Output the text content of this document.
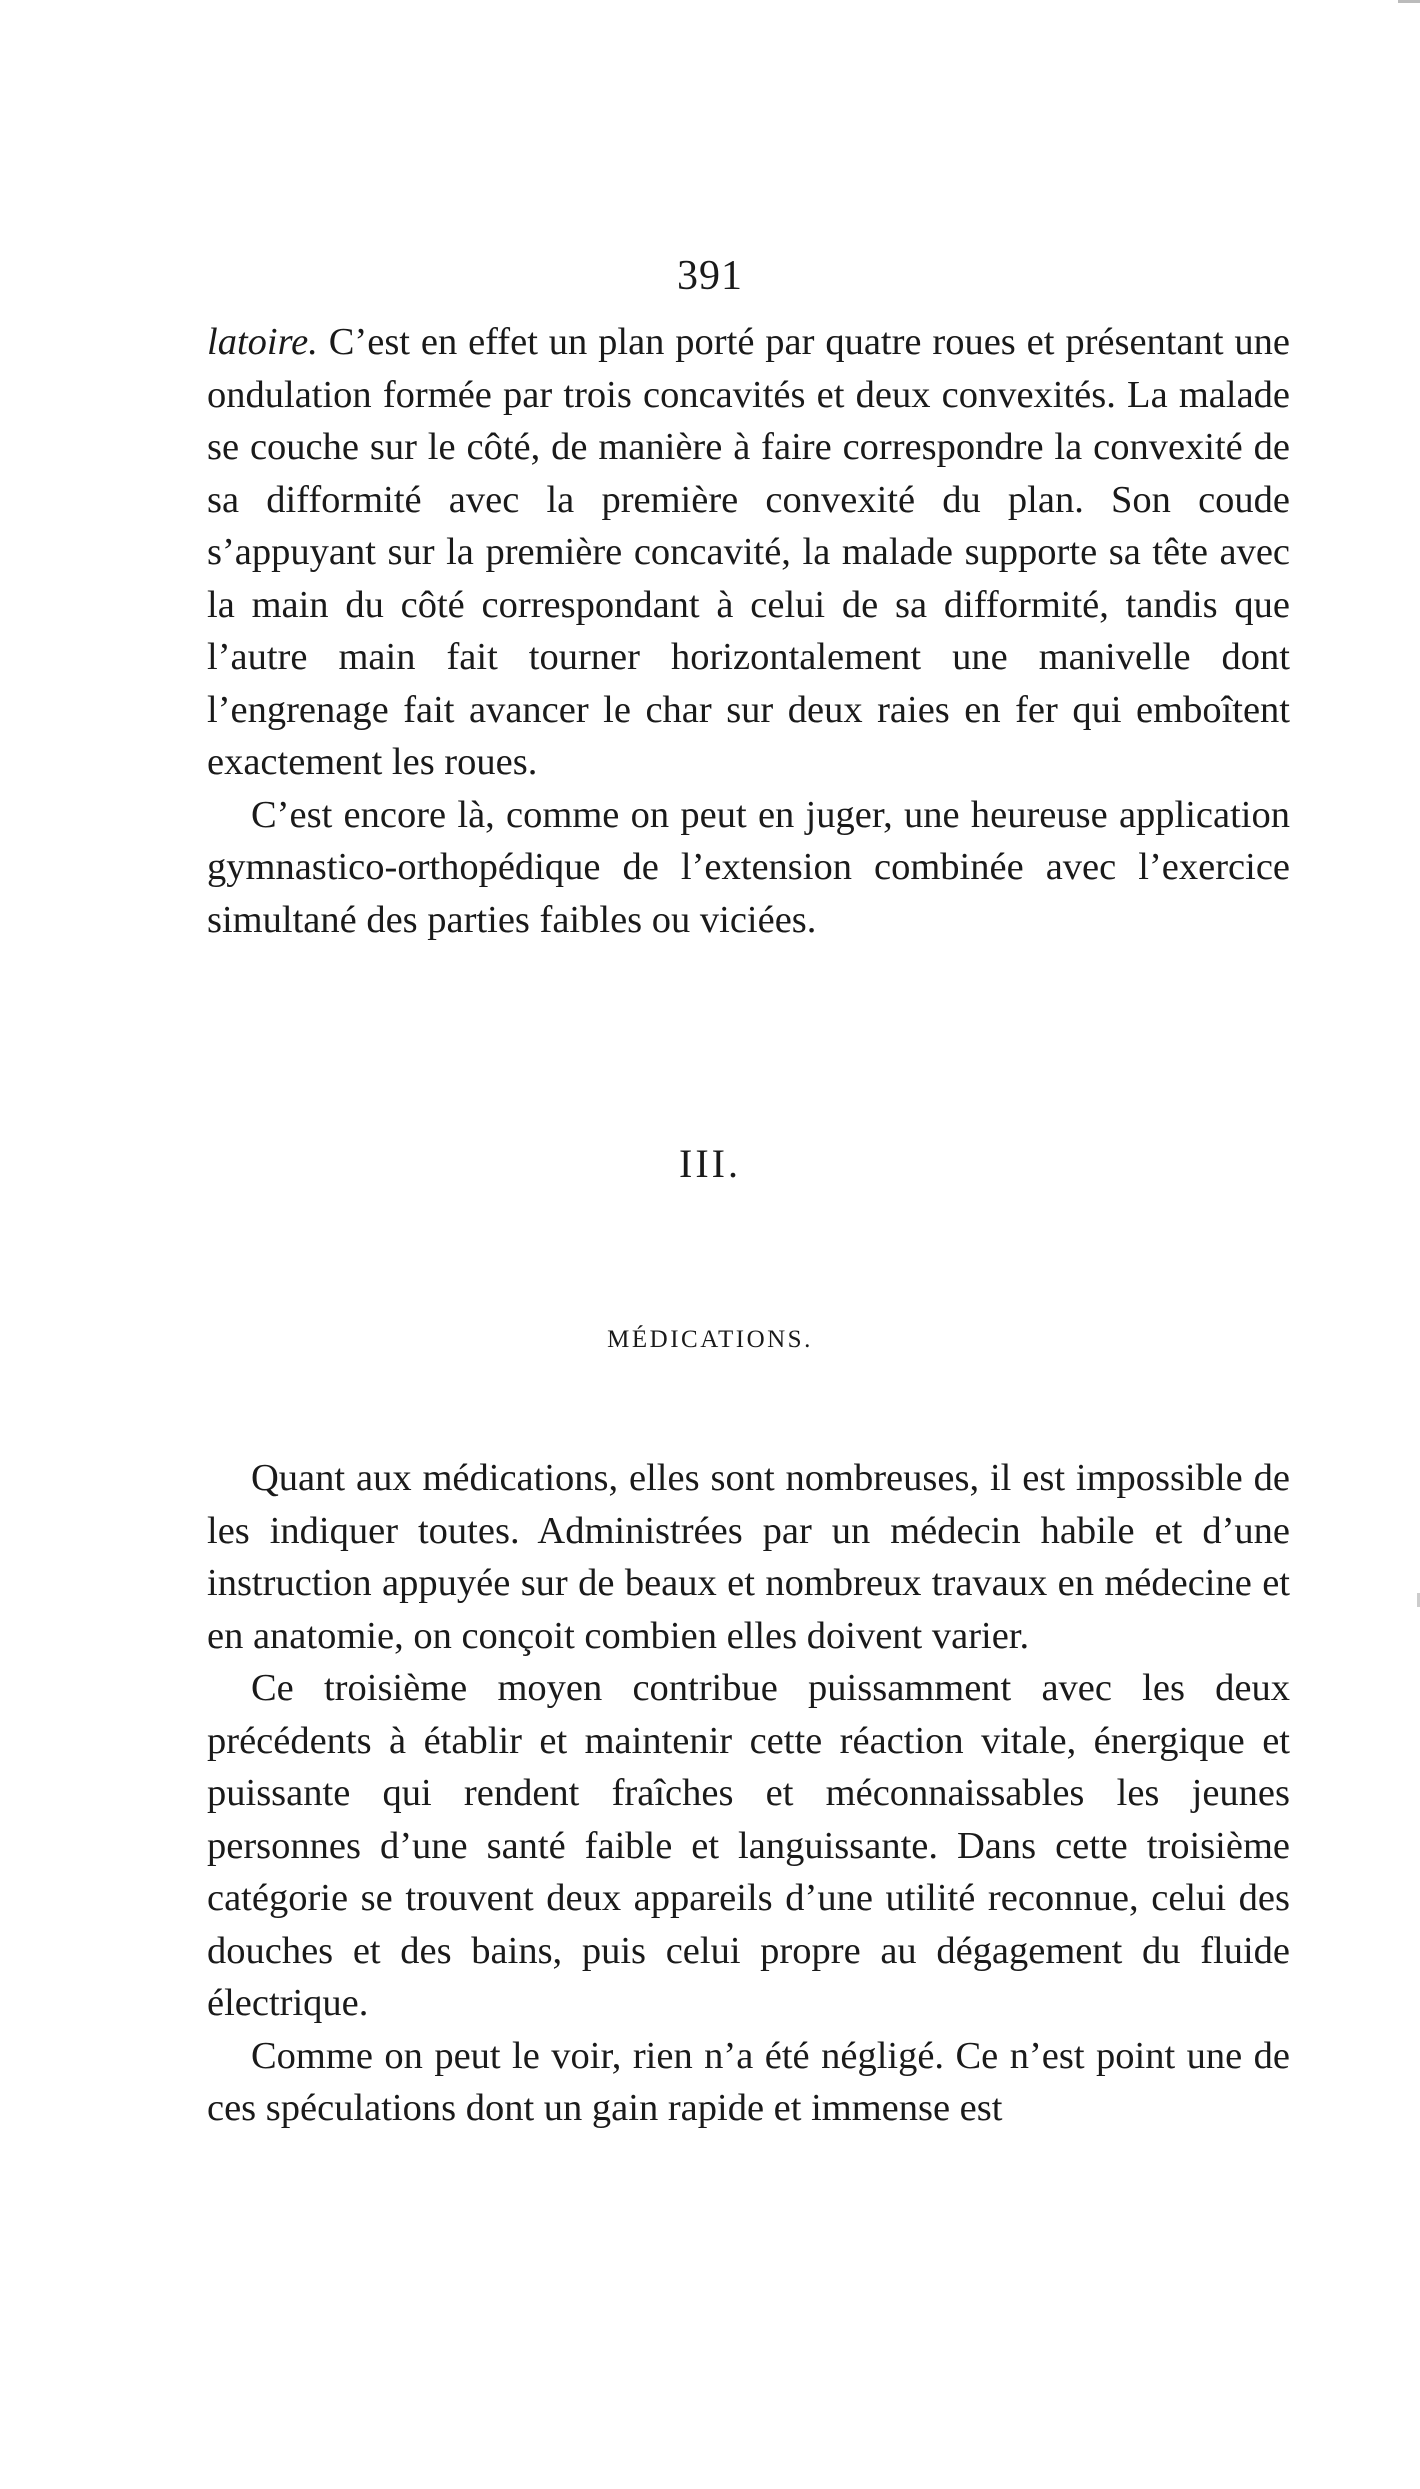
391

latoire. C’est en effet un plan porté par quatre roues et présentant une ondulation formée par trois concavités et deux convexités. La malade se couche sur le côté, de manière à faire correspondre la convexité de sa difformité avec la première convexité du plan. Son coude s’appuyant sur la première concavité, la malade supporte sa tête avec la main du côté correspondant à celui de sa difformité, tandis que l’autre main fait tourner horizontalement une manivelle dont l’engrenage fait avancer le char sur deux raies en fer qui emboîtent exactement les roues.

C’est encore là, comme on peut en juger, une heureuse application gymnastico-orthopédique de l’extension combinée avec l’exercice simultané des parties faibles ou viciées.

III.
MÉDICATIONS.

Quant aux médications, elles sont nombreuses, il est impossible de les indiquer toutes. Administrées par un médecin habile et d’une instruction appuyée sur de beaux et nombreux travaux en médecine et en anatomie, on conçoit combien elles doivent varier.

Ce troisième moyen contribue puissamment avec les deux précédents à établir et maintenir cette réaction vitale, énergique et puissante qui rendent fraîches et méconnaissables les jeunes personnes d’une santé faible et languissante. Dans cette troisième catégorie se trouvent deux appareils d’une utilité reconnue, celui des douches et des bains, puis celui propre au dégagement du fluide électrique.

Comme on peut le voir, rien n’a été négligé. Ce n’est point une de ces spéculations dont un gain rapide et immense est
